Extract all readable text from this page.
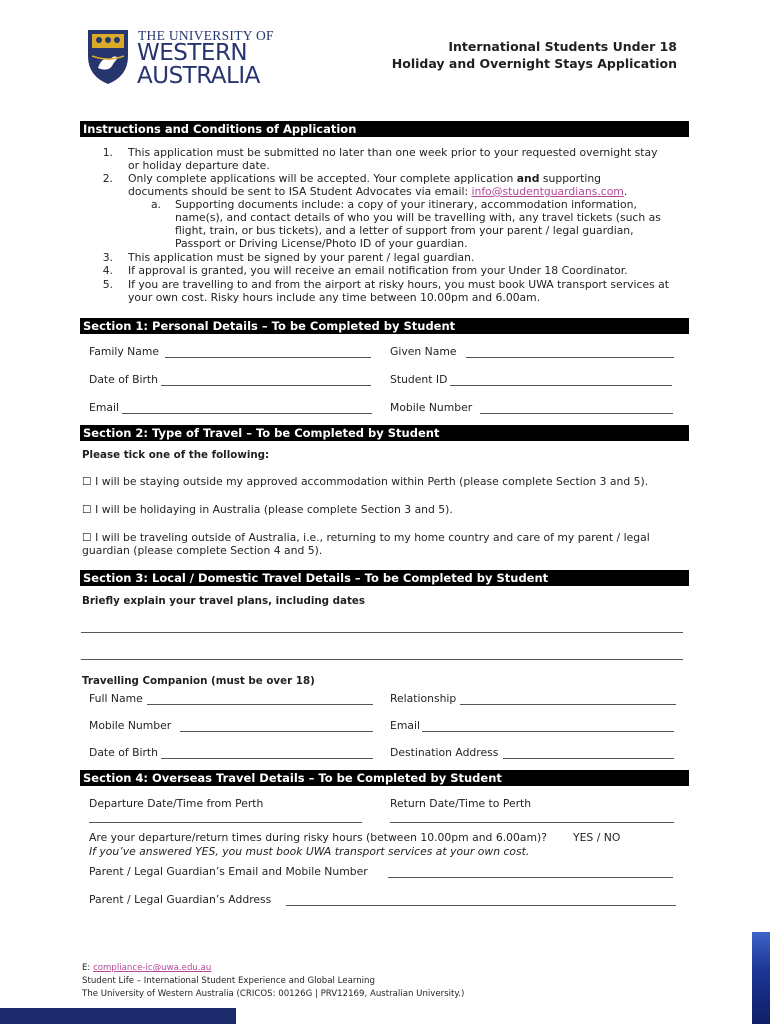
THE UNIVERSITY OF
WESTERN
AUSTRALIA
International Students Under 18
Holiday and Overnight Stays Application
Instructions and Conditions of Application
1. This application must be submitted no later than one week prior to your requested overnight stay
or holiday departure date.
2. Only complete applications will be accepted. Your complete application and supporting
documents should be sent to ISA Student Advocates via email: info@studentguardians.com.
a. Supporting documents include: a copy of your itinerary, accommodation information,
name(s), and contact details of who you will be travelling with, any travel tickets (such as
flight, train, or bus tickets), and a letter of support from your parent / legal guardian,
Passport or Driving License/Photo ID of your guardian.
3. This application must be signed by your parent / legal guardian.
4. If approval is granted, you will receive an email notification from your Under 18 Coordinator.
5. If you are travelling to and from the airport at risky hours, you must book UWA transport services at
your own cost. Risky hours include any time between 10.00pm and 6.00am.
Section 1: Personal Details – To be Completed by Student
Family Name	Given Name
Date of Birth	Student ID
Email	Mobile Number
Section 2: Type of Travel – To be Completed by Student
Please tick one of the following:
☐ I will be staying outside my approved accommodation within Perth (please complete Section 3 and 5).
☐ I will be holidaying in Australia (please complete Section 3 and 5).
☐ I will be traveling outside of Australia, i.e., returning to my home country and care of my parent / legal
guardian (please complete Section 4 and 5).
Section 3: Local / Domestic Travel Details – To be Completed by Student
Briefly explain your travel plans, including dates
Travelling Companion (must be over 18)
Full Name	Relationship
Mobile Number	Email
Date of Birth	Destination Address
Section 4: Overseas Travel Details – To be Completed by Student
Departure Date/Time from Perth	Return Date/Time to Perth
Are your departure/return times during risky hours (between 10.00pm and 6.00am)? YES / NO
If you’ve answered YES, you must book UWA transport services at your own cost.
Parent / Legal Guardian’s Email and Mobile Number
Parent / Legal Guardian’s Address
E: compliance-ic@uwa.edu.au
Student Life – International Student Experience and Global Learning
The University of Western Australia (CRICOS: 00126G | PRV12169, Australian University.)
